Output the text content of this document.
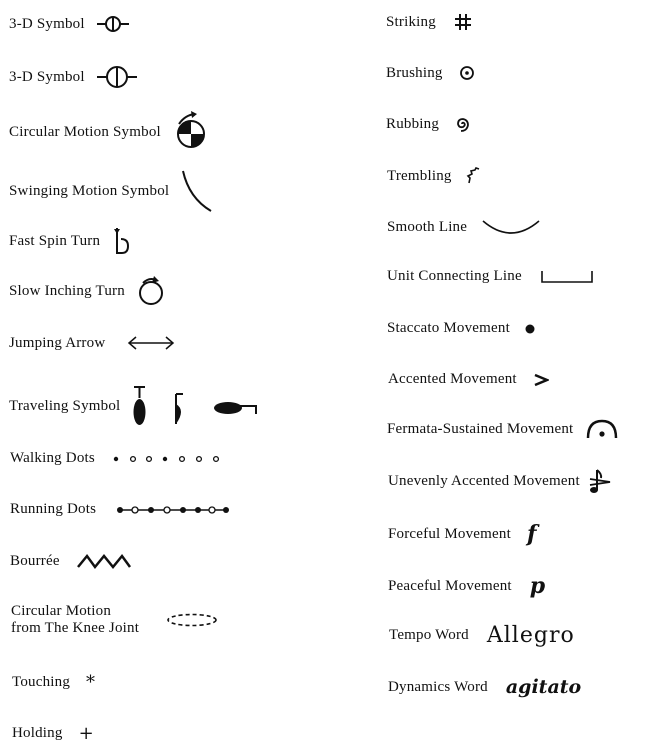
3-D Symbol
3-D Symbol
Circular Motion Symbol
Swinging Motion Symbol
Fast Spin Turn
Slow Inching Turn
Jumping Arrow
Traveling Symbol
Walking Dots
Running Dots
Bourrée
Circular Motion
from The Knee Joint
Touching *
Holding +
Striking
Brushing
Rubbing
Trembling
Smooth Line
Unit Connecting Line
Staccato Movement
Accented Movement
Fermata-Sustained Movement
Unevenly Accented Movement
Forceful Movement f
Peaceful Movement p
Tempo Word Allegro
Dynamics Word agitato
